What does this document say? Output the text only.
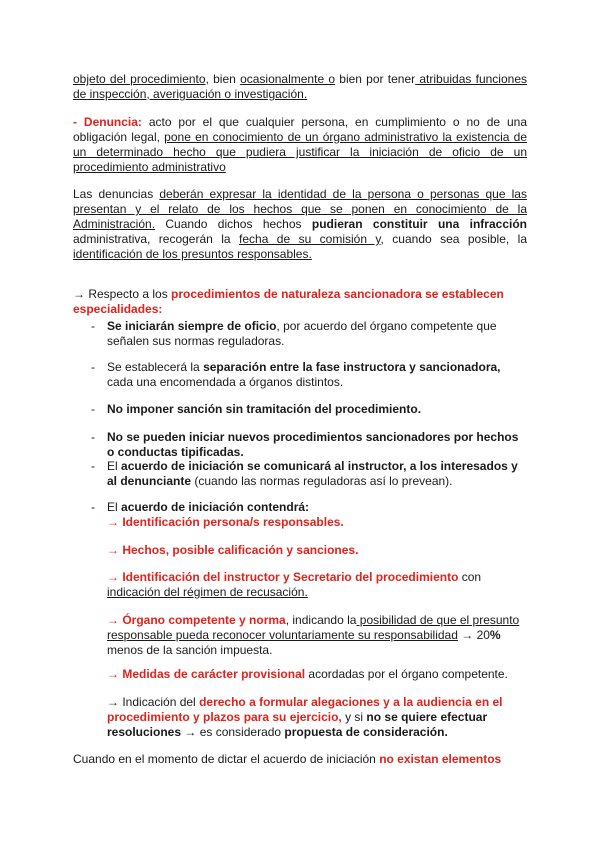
objeto del procedimiento, bien ocasionalmente o bien por tener atribuidas funciones de inspección, averiguación o investigación.

- Denuncia: acto por el que cualquier persona, en cumplimiento o no de una obligación legal, pone en conocimiento de un órgano administrativo la existencia de un determinado hecho que pudiera justificar la iniciación de oficio de un procedimiento administrativo

Las denuncias deberán expresar la identidad de la persona o personas que las presentan y el relato de los hechos que se ponen en conocimiento de la Administración. Cuando dichos hechos pudieran constituir una infracción administrativa, recogerán la fecha de su comisión y, cuando sea posible, la identificación de los presuntos responsables.

→ Respecto a los procedimientos de naturaleza sancionadora se establecen especialidades:

- Se iniciarán siempre de oficio, por acuerdo del órgano competente que señalen sus normas reguladoras.
- Se establecerá la separación entre la fase instructora y sancionadora, cada una encomendada a órganos distintos.
- No imponer sanción sin tramitación del procedimiento.
- No se pueden iniciar nuevos procedimientos sancionadores por hechos o conductas tipificadas.
- El acuerdo de iniciación se comunicará al instructor, a los interesados y al denunciante (cuando las normas reguladoras así lo prevean).
- El acuerdo de iniciación contendrá:

→ Identificación persona/s responsables.

→ Hechos, posible calificación y sanciones.

→ Identificación del instructor y Secretario del procedimiento con indicación del régimen de recusación.

→ Órgano competente y norma, indicando la posibilidad de que el presunto responsable pueda reconocer voluntariamente su responsabilidad → 20% menos de la sanción impuesta.

→ Medidas de carácter provisional acordadas por el órgano competente.

→ Indicación del derecho a formular alegaciones y a la audiencia en el procedimiento y plazos para su ejercicio, y si no se quiere efectuar resoluciones → es considerado propuesta de consideración.

Cuando en el momento de dictar el acuerdo de iniciación no existan elementos
